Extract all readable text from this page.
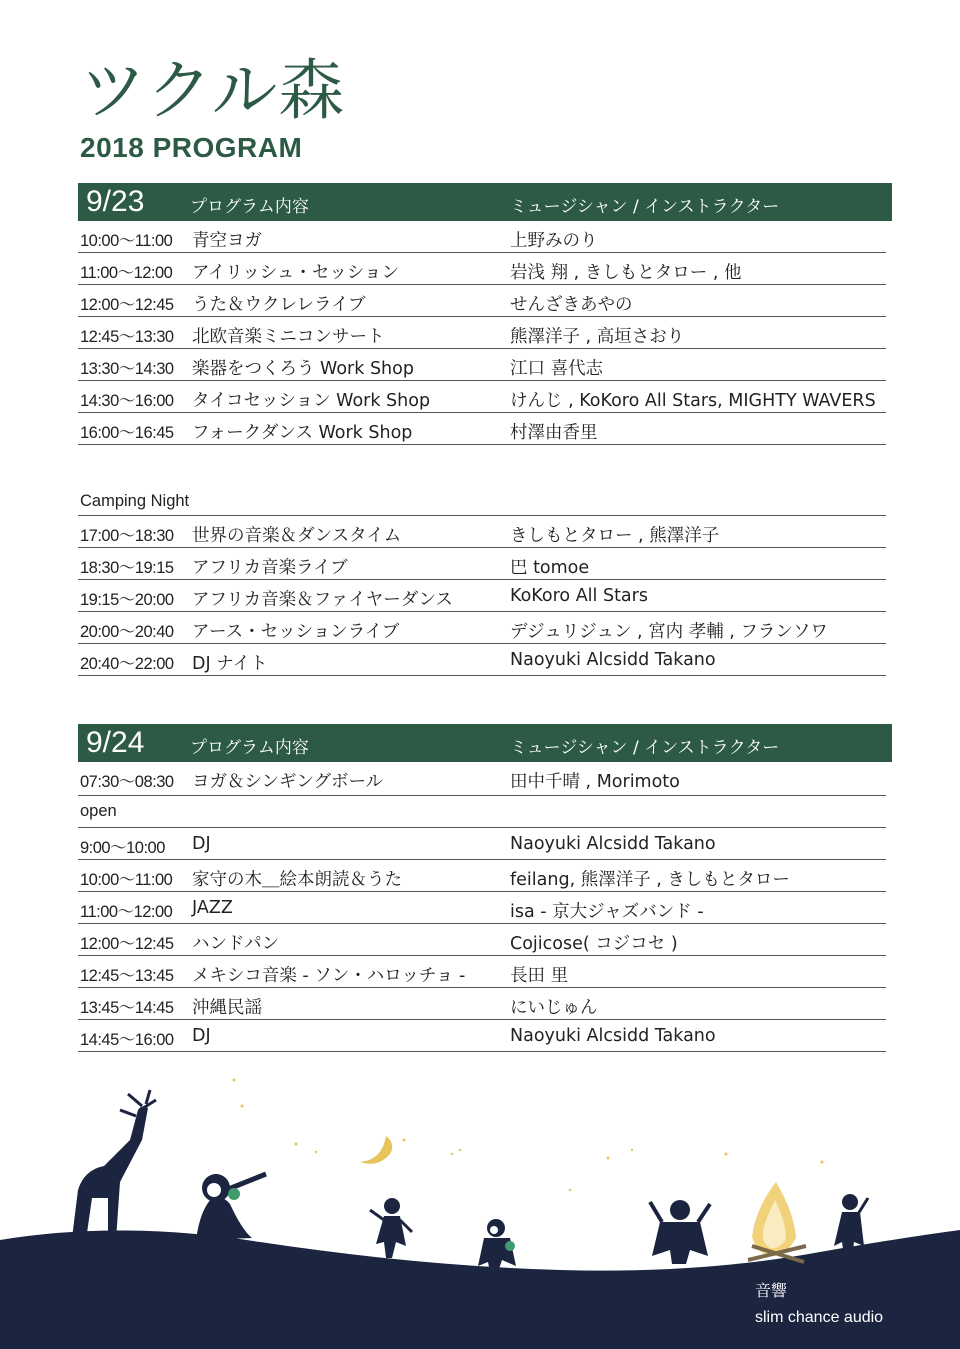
ツクル森
2018 PROGRAM
9/23	プログラム内容	ミュージシャン / インストラクター
10:00〜11:00 青空ヨガ	上野みのり
11:00〜12:00 アイリッシュ・セッション	岩浅 翔 , きしもとタロー , 他
12:00〜12:45 うた＆ウクレレライブ	せんざきあやの
12:45〜13:30 北欧音楽ミニコンサート	熊澤洋子 , 高垣さおり
13:30〜14:30 楽器をつくろう Work Shop	江口 喜代志
14:30〜16:00 タイコセッション Work Shop	けんじ , KoKoro All Stars, MIGHTY WAVERS
16:00〜16:45 フォークダンス Work Shop	村澤由香里
Camping Night
17:00〜18:30 世界の音楽＆ダンスタイム	きしもとタロー , 熊澤洋子
18:30〜19:15 アフリカ音楽ライブ	巴 tomoe
19:15〜20:00 アフリカ音楽＆ファイヤーダンス	KoKoro All Stars
20:00〜20:40 アース・セッションライブ	デジュリジュン , 宮内 孝輔 , フランソワ
20:40〜22:00 DJ ナイト	Naoyuki Alcsidd Takano
9/24	プログラム内容	ミュージシャン / インストラクター
07:30〜08:30 ヨガ＆シンギングボール	田中千晴 , Morimoto
open
9:00〜10:00 DJ	Naoyuki Alcsidd Takano
10:00〜11:00 家守の木＿絵本朗読＆うた	feilang, 熊澤洋子 , きしもとタロー
11:00〜12:00 JAZZ	isa - 京大ジャズバンド -
12:00〜12:45 ハンドパン	Cojicose( コジコセ )
12:45〜13:45 メキシコ音楽 - ソン・ハロッチョ -	長田 里
13:45〜14:45 沖縄民謡	にいじゅん
14:45〜16:00 DJ	Naoyuki Alcsidd Takano
音響
slim chance audio
